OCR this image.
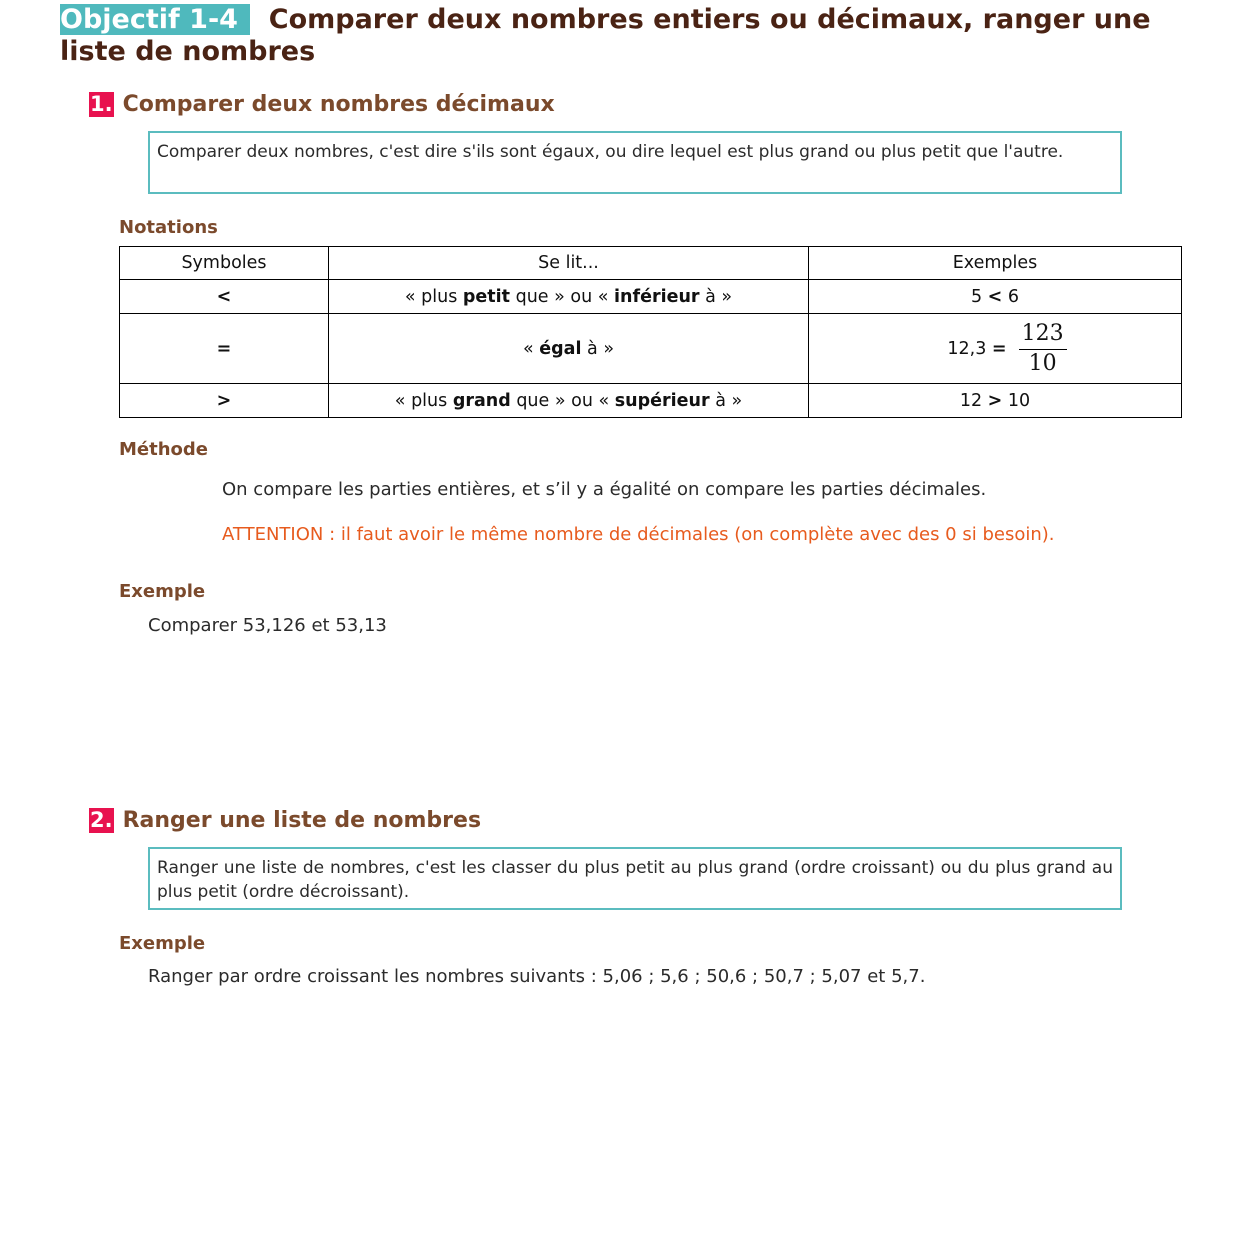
Objectif 1-4 Comparer deux nombres entiers ou décimaux, ranger une liste de nombres
1. Comparer deux nombres décimaux
Comparer deux nombres, c'est dire s'ils sont égaux, ou dire lequel est plus grand ou plus petit que l'autre.
Notations
Symboles	Se lit...	Exemples
<	« plus petit que » ou « inférieur à »	5 < 6
=	« égal à »	$12,3 = \frac{123}{10}$

>	« plus grand que » ou « supérieur à »	12 > 10
Méthode
On compare les parties entières, et s’il y a égalité on compare les parties décimales.
ATTENTION : il faut avoir le même nombre de décimales (on complète avec des 0 si besoin).
Exemple
Comparer 53,126 et 53,13
2. Ranger une liste de nombres
Ranger une liste de nombres, c'est les classer du plus petit au plus grand (ordre croissant) ou du plus grand au plus petit (ordre décroissant).
Exemple
Ranger par ordre croissant les nombres suivants : 5,06 ; 5,6 ; 50,6 ; 50,7 ; 5,07 et 5,7.
